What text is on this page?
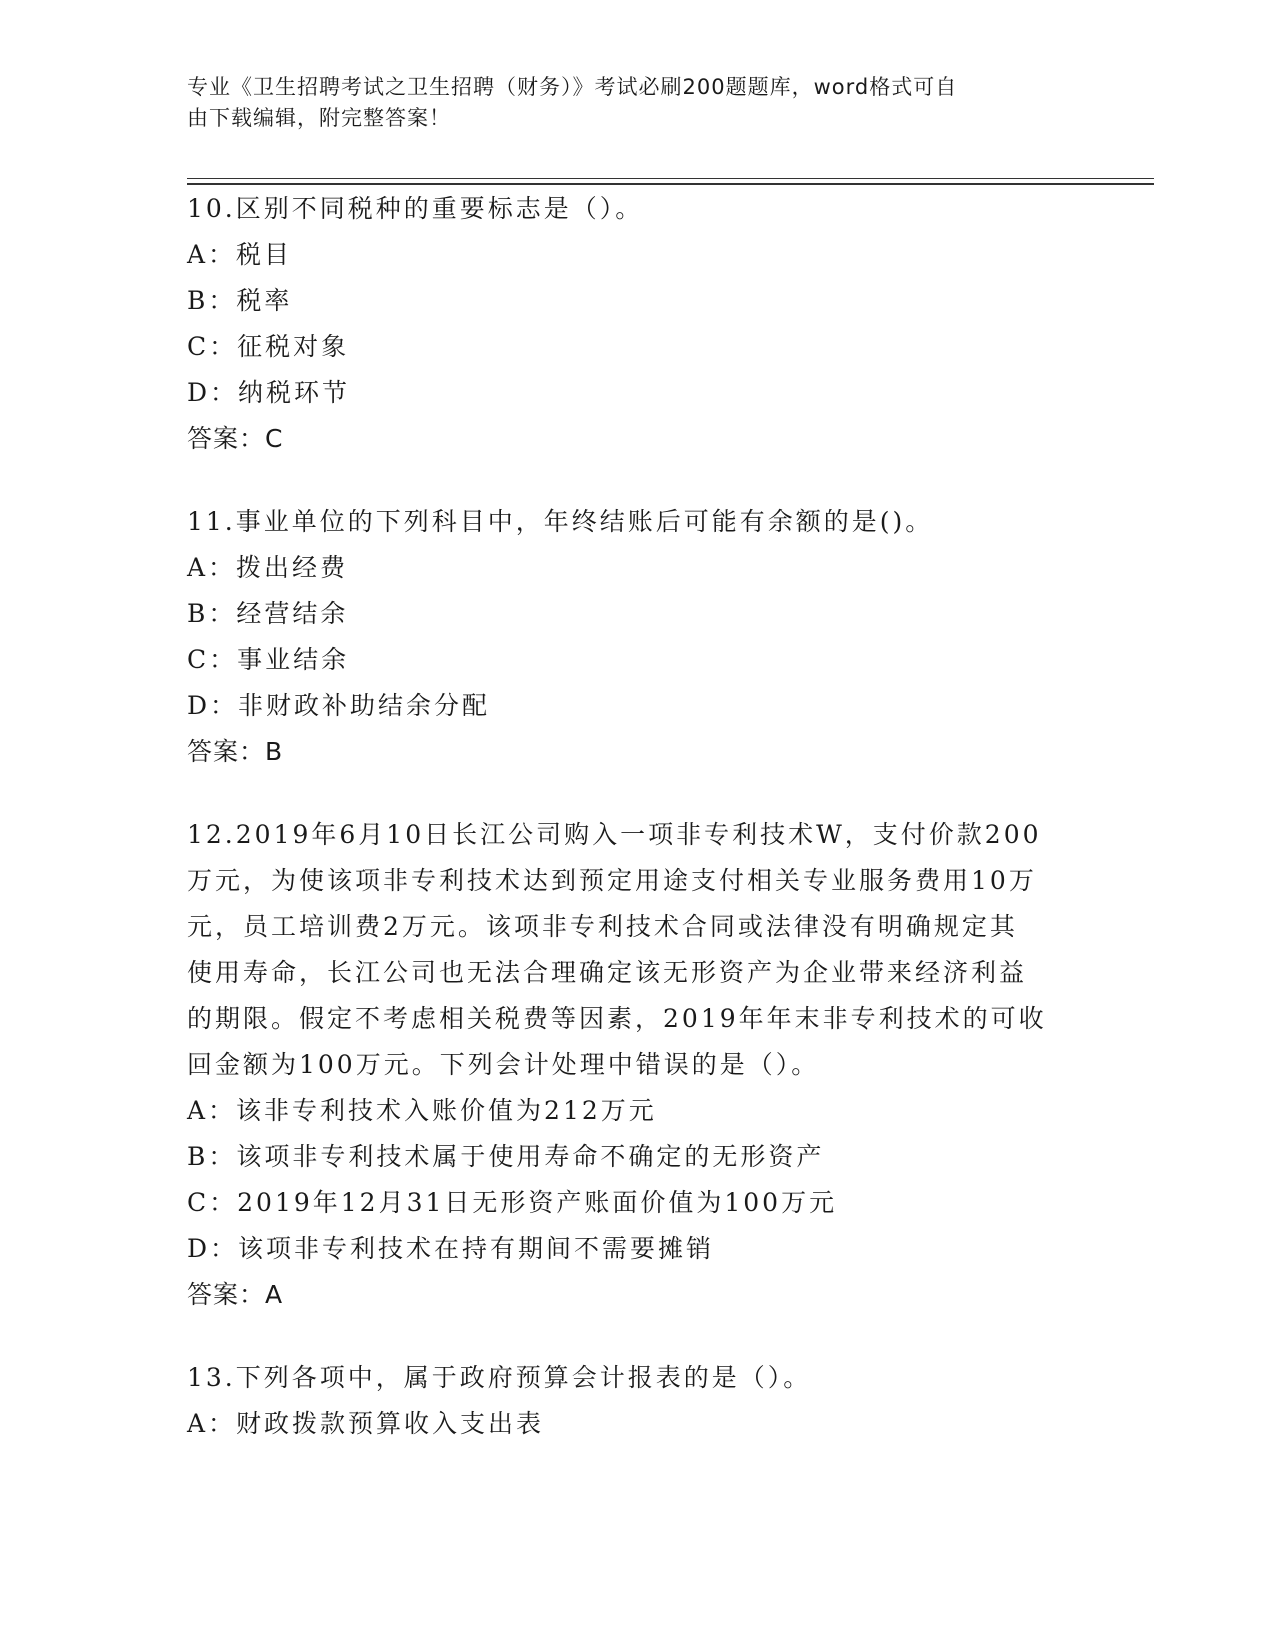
专业《卫生招聘考试之卫生招聘（财务）》考试必刷200题题库，word格式可自
由下载编辑，附完整答案！
10.区别不同税种的重要标志是（）。
A：税目
B：税率
C：征税对象
D：纳税环节
答案：C
11.事业单位的下列科目中，年终结账后可能有余额的是()。
A：拨出经费
B：经营结余
C：事业结余
D：非财政补助结余分配
答案：B
12.2019年6月10日长江公司购入一项非专利技术W，支付价款200
万元，为使该项非专利技术达到预定用途支付相关专业服务费用10万
元，员工培训费2万元。该项非专利技术合同或法律没有明确规定其
使用寿命，长江公司也无法合理确定该无形资产为企业带来经济利益
的期限。假定不考虑相关税费等因素，2019年年末非专利技术的可收
回金额为100万元。下列会计处理中错误的是（）。
A：该非专利技术入账价值为212万元
B：该项非专利技术属于使用寿命不确定的无形资产
C：2019年12月31日无形资产账面价值为100万元
D：该项非专利技术在持有期间不需要摊销
答案：A
13.下列各项中，属于政府预算会计报表的是（）。
A：财政拨款预算收入支出表
